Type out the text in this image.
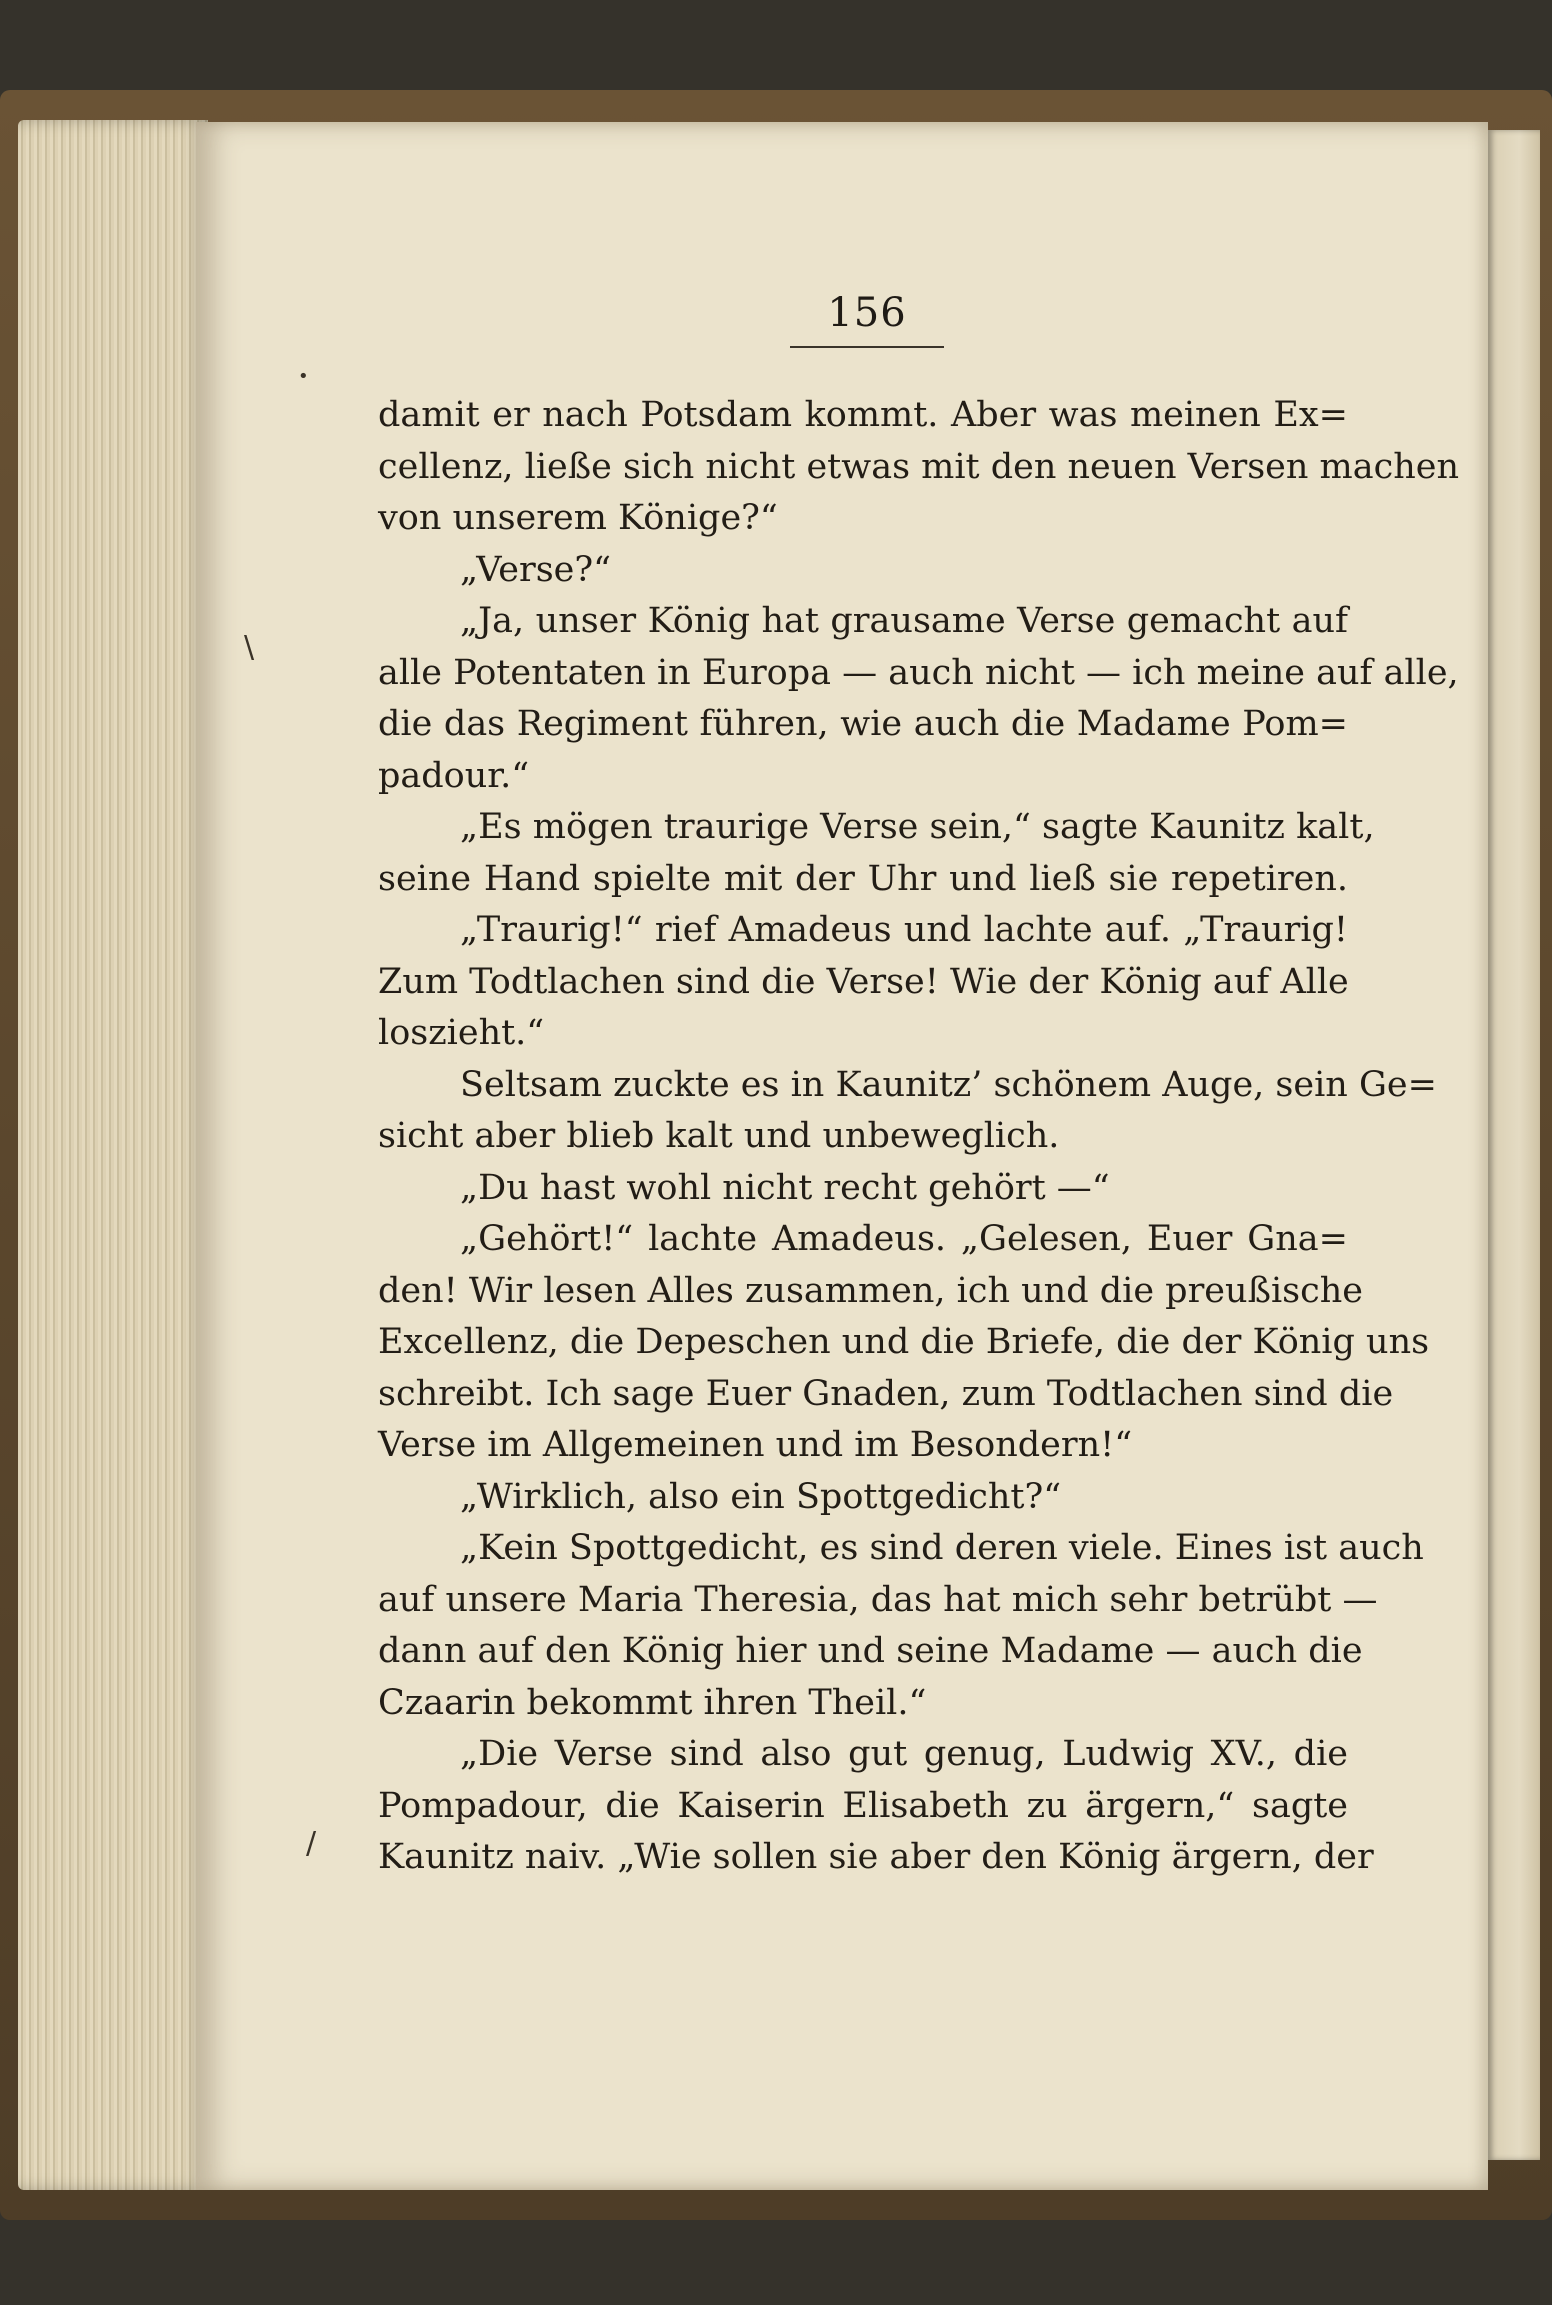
156
damit er nach Potsdam kommt. Aber was meinen Ex=
cellenz, ließe sich nicht etwas mit den neuen Versen machen
von unserem Könige?“
„Verse?“
„Ja, unser König hat grausame Verse gemacht auf
alle Potentaten in Europa — auch nicht — ich meine auf alle,
die das Regiment führen, wie auch die Madame Pom=
padour.“
„Es mögen traurige Verse sein,“ sagte Kaunitz kalt,
seine Hand spielte mit der Uhr und ließ sie repetiren.
„Traurig!“ rief Amadeus und lachte auf. „Traurig!
Zum Todtlachen sind die Verse! Wie der König auf Alle
loszieht.“
Seltsam zuckte es in Kaunitz’ schönem Auge, sein Ge=
sicht aber blieb kalt und unbeweglich.
„Du hast wohl nicht recht gehört —“
„Gehört!“ lachte Amadeus. „Gelesen, Euer Gna=
den! Wir lesen Alles zusammen, ich und die preußische
Excellenz, die Depeschen und die Briefe, die der König uns
schreibt. Ich sage Euer Gnaden, zum Todtlachen sind die
Verse im Allgemeinen und im Besondern!“
„Wirklich, also ein Spottgedicht?“
„Kein Spottgedicht, es sind deren viele. Eines ist auch
auf unsere Maria Theresia, das hat mich sehr betrübt —
dann auf den König hier und seine Madame — auch die
Czaarin bekommt ihren Theil.“
„Die Verse sind also gut genug, Ludwig XV., die
Pompadour, die Kaiserin Elisabeth zu ärgern,“ sagte
Kaunitz naiv. „Wie sollen sie aber den König ärgern, der
•
\
/
